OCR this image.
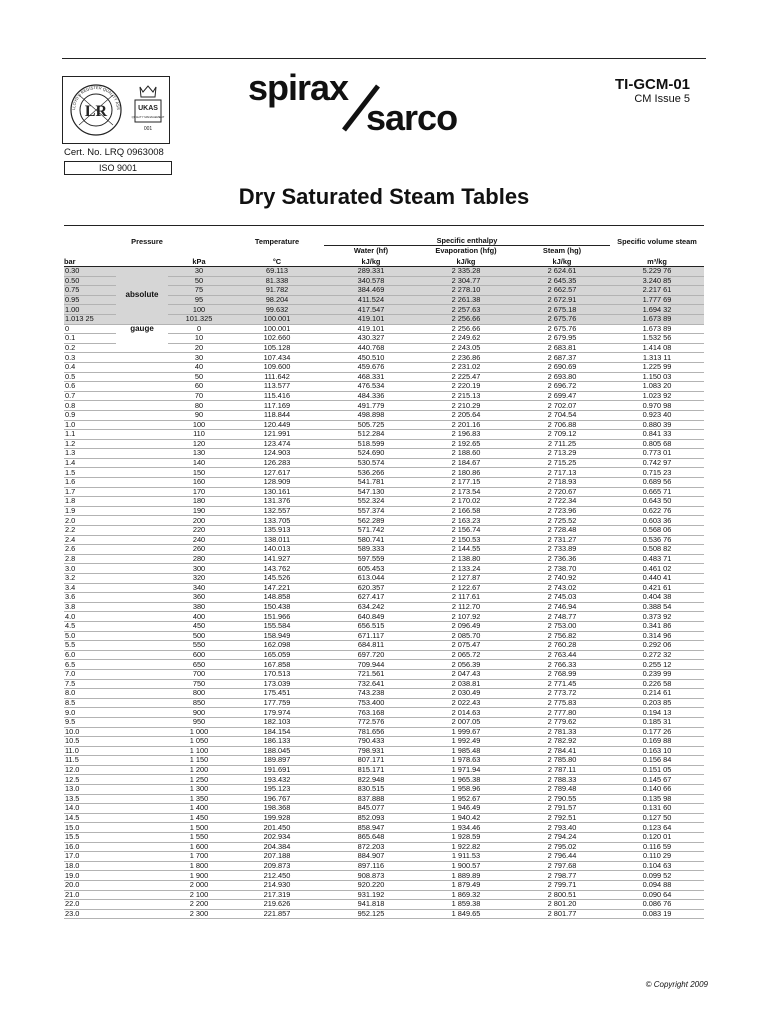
LR
LLOYD'S REGISTER QUALITY ASS UKAS
QUALITY MANAGEMENT
001
Cert. No. LRQ 0963008
ISO 9001
spirax
sarco
TI-GCM-01
CM Issue 5
Dry Saturated Steam Tables
Pressure			Temperature	Specific enthalpy			Specific volume steam
				Water (hf)	Evaporation (hfg)	Steam (hg)	
bar		kPa	°C	kJ/kg	kJ/kg	kJ/kg	m³/kg
0.30	absolute	30	69.113	289.331	2 335.28	2 624.61	5.229 76
0.50		50	81.338	340.578	2 304.77	2 645.35	3.240 85
0.75		75	91.782	384.469	2 278.10	2 662.57	2.217 61
0.95		95	98.204	411.524	2 261.38	2 672.91	1.777 69
1.00		100	99.632	417.547	2 257.63	2 675.18	1.694 32
1.013 25		101.325	100.001	419.101	2 256.66	2 675.76	1.673 89
0	gauge	0	100.001	419.101	2 256.66	2 675.76	1.673 89
0.1		10	102.660	430.327	2 249.62	2 679.95	1.532 56
0.2		20	105.128	440.768	2 243.05	2 683.81	1.414 08
0.3		30	107.434	450.510	2 236.86	2 687.37	1.313 11
0.4		40	109.600	459.676	2 231.02	2 690.69	1.225 99
0.5		50	111.642	468.331	2 225.47	2 693.80	1.150 03
0.6		60	113.577	476.534	2 220.19	2 696.72	1.083 20
0.7		70	115.416	484.336	2 215.13	2 699.47	1.023 92
0.8		80	117.169	491.779	2 210.29	2 702.07	0.970 98
0.9		90	118.844	498.898	2 205.64	2 704.54	0.923 40
1.0		100	120.449	505.725	2 201.16	2 706.88	0.880 39
1.1		110	121.991	512.284	2 196.83	2 709.12	0.841 33
1.2		120	123.474	518.599	2 192.65	2 711.25	0.805 68
1.3		130	124.903	524.690	2 188.60	2 713.29	0.773 01
1.4		140	126.283	530.574	2 184.67	2 715.25	0.742 97
1.5		150	127.617	536.266	2 180.86	2 717.13	0.715 23
1.6		160	128.909	541.781	2 177.15	2 718.93	0.689 56
1.7		170	130.161	547.130	2 173.54	2 720.67	0.665 71
1.8		180	131.376	552.324	2 170.02	2 722.34	0.643 50
1.9		190	132.557	557.374	2 166.58	2 723.96	0.622 76
2.0		200	133.705	562.289	2 163.23	2 725.52	0.603 36
2.2		220	135.913	571.742	2 156.74	2 728.48	0.568 06
2.4		240	138.011	580.741	2 150.53	2 731.27	0.536 76
2.6		260	140.013	589.333	2 144.55	2 733.89	0.508 82
2.8		280	141.927	597.559	2 138.80	2 736.36	0.483 71
3.0		300	143.762	605.453	2 133.24	2 738.70	0.461 02
3.2		320	145.526	613.044	2 127.87	2 740.92	0.440 41
3.4		340	147.221	620.357	2 122.67	2 743.02	0.421 61
3.6		360	148.858	627.417	2 117.61	2 745.03	0.404 38
3.8		380	150.438	634.242	2 112.70	2 746.94	0.388 54
4.0		400	151.966	640.849	2 107.92	2 748.77	0.373 92
4.5		450	155.584	656.515	2 096.49	2 753.00	0.341 86
5.0		500	158.949	671.117	2 085.70	2 756.82	0.314 96
5.5		550	162.098	684.811	2 075.47	2 760.28	0.292 06
6.0		600	165.059	697.720	2 065.72	2 763.44	0.272 32
6.5		650	167.858	709.944	2 056.39	2 766.33	0.255 12
7.0		700	170.513	721.561	2 047.43	2 768.99	0.239 99
7.5		750	173.039	732.641	2 038.81	2 771.45	0.226 58
8.0		800	175.451	743.238	2 030.49	2 773.72	0.214 61
8.5		850	177.759	753.400	2 022.43	2 775.83	0.203 85
9.0		900	179.974	763.168	2 014.63	2 777.80	0.194 13
9.5		950	182.103	772.576	2 007.05	2 779.62	0.185 31
10.0		1 000	184.154	781.656	1 999.67	2 781.33	0.177 26
10.5		1 050	186.133	790.433	1 992.49	2 782.92	0.169 88
11.0		1 100	188.045	798.931	1 985.48	2 784.41	0.163 10
11.5		1 150	189.897	807.171	1 978.63	2 785.80	0.156 84
12.0		1 200	191.691	815.171	1 971.94	2 787.11	0.151 05
12.5		1 250	193.432	822.948	1 965.38	2 788.33	0.145 67
13.0		1 300	195.123	830.515	1 958.96	2 789.48	0.140 66
13.5		1 350	196.767	837.888	1 952.67	2 790.55	0.135 98
14.0		1 400	198.368	845.077	1 946.49	2 791.57	0.131 60
14.5		1 450	199.928	852.093	1 940.42	2 792.51	0.127 50
15.0		1 500	201.450	858.947	1 934.46	2 793.40	0.123 64
15.5		1 550	202.934	865.648	1 928.59	2 794.24	0.120 01
16.0		1 600	204.384	872.203	1 922.82	2 795.02	0.116 59
17.0		1 700	207.188	884.907	1 911.53	2 796.44	0.110 29
18.0		1 800	209.873	897.116	1 900.57	2 797.68	0.104 63
19.0		1 900	212.450	908.873	1 889.89	2 798.77	0.099 52
20.0		2 000	214.930	920.220	1 879.49	2 799.71	0.094 88
21.0		2 100	217.319	931.192	1 869.32	2 800.51	0.090 64
22.0		2 200	219.626	941.818	1 859.38	2 801.20	0.086 76
23.0		2 300	221.857	952.125	1 849.65	2 801.77	0.083 19
© Copyright 2009
